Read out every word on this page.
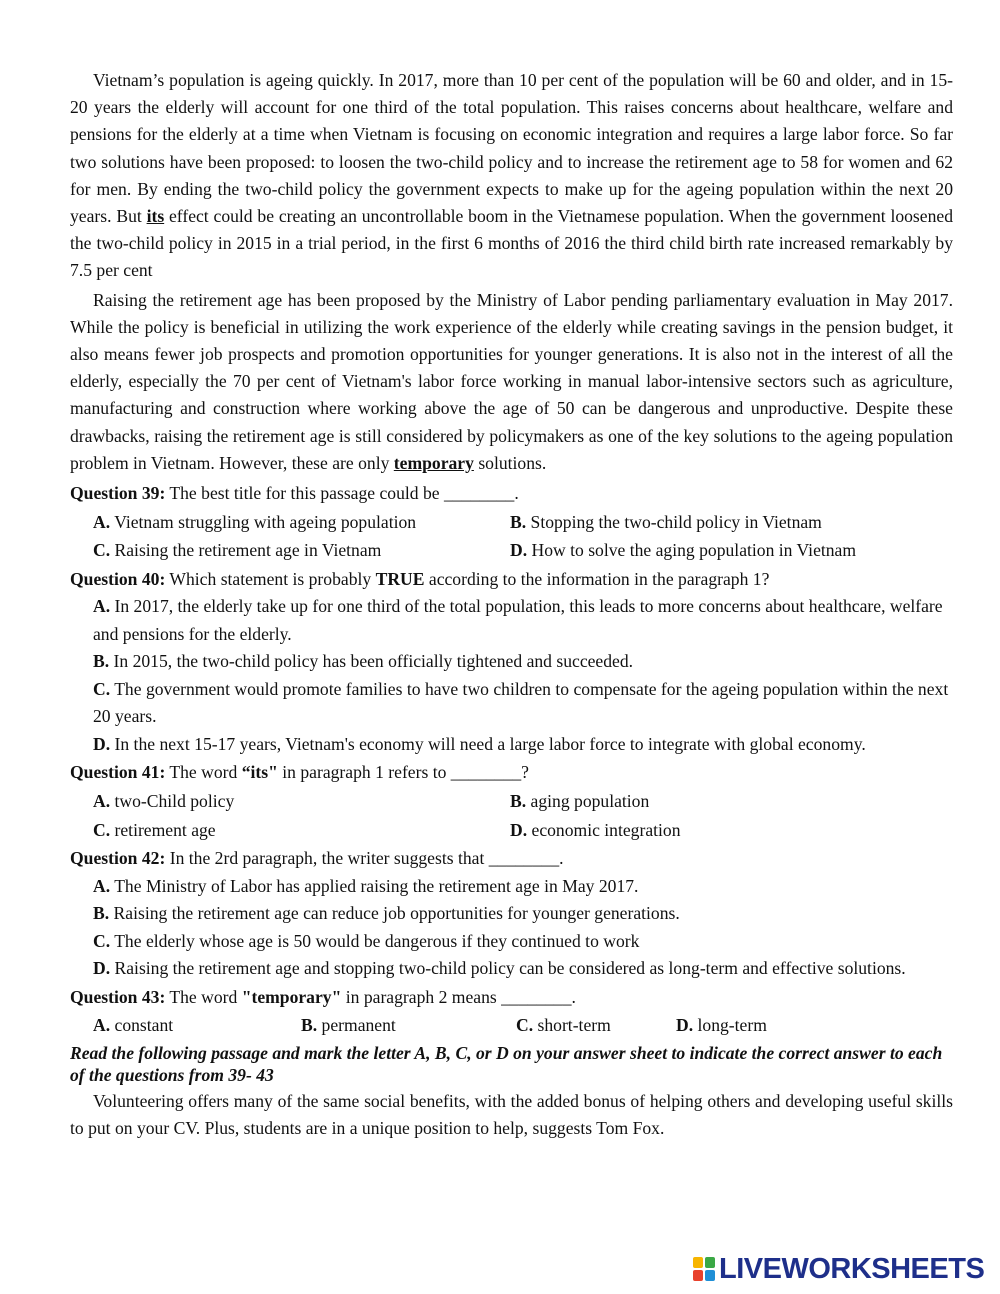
Vietnam’s population is ageing quickly. In 2017, more than 10 per cent of the population will be 60 and older, and in 15-20 years the elderly will account for one third of the total population. This raises concerns about healthcare, welfare and pensions for the elderly at a time when Vietnam is focusing on economic integration and requires a large labor force. So far two solutions have been proposed: to loosen the two-child policy and to increase the retirement age to 58 for women and 62 for men. By ending the two-child policy the government expects to make up for the ageing population within the next 20 years. But its effect could be creating an uncontrollable boom in the Vietnamese population. When the government loosened the two-child policy in 2015 in a trial period, in the first 6 months of 2016 the third child birth rate increased remarkably by 7.5 per cent

Raising the retirement age has been proposed by the Ministry of Labor pending parliamentary evaluation in May 2017. While the policy is beneficial in utilizing the work experience of the elderly while creating savings in the pension budget, it also means fewer job prospects and promotion opportunities for younger generations. It is also not in the interest of all the elderly, especially the 70 per cent of Vietnam's labor force working in manual labor-intensive sectors such as agriculture, manufacturing and construction where working above the age of 50 can be dangerous and unproductive. Despite these drawbacks, raising the retirement age is still considered by policymakers as one of the key solutions to the ageing population problem in Vietnam. However, these are only temporary solutions.

Question 39: The best title for this passage could be ________.

A. Vietnam struggling with ageing population	B. Stopping the two-child policy in Vietnam
C. Raising the retirement age in Vietnam	D. How to solve the aging population in Vietnam

Question 40: Which statement is probably TRUE according to the information in the paragraph 1?

A. In 2017, the elderly take up for one third of the total population, this leads to more concerns about healthcare, welfare and pensions for the elderly.

B. In 2015, the two-child policy has been officially tightened and succeeded.

C. The government would promote families to have two children to compensate for the ageing population within the next 20 years.

D. In the next 15-17 years, Vietnam's economy will need a large labor force to integrate with global economy.

Question 41: The word “its" in paragraph 1 refers to ________?

A. two-Child policy	B. aging population
C. retirement age	D. economic integration

Question 42: In the 2rd paragraph, the writer suggests that ________.

A. The Ministry of Labor has applied raising the retirement age in May 2017.

B. Raising the retirement age can reduce job opportunities for younger generations.

C. The elderly whose age is 50 would be dangerous if they continued to work

D. Raising the retirement age and stopping two-child policy can be considered as long-term and effective solutions.

Question 43: The word "temporary" in paragraph 2 means ________.

A. constant	B. permanent	C. short-term	D. long-term

Read the following passage and mark the letter A, B, C, or D on your answer sheet to indicate the correct answer to each of the questions from 39- 43

Volunteering offers many of the same social benefits, with the added bonus of helping others and developing useful skills to put on your CV. Plus, students are in a unique position to help, suggests Tom Fox.

LIVEWORKSHEETS
